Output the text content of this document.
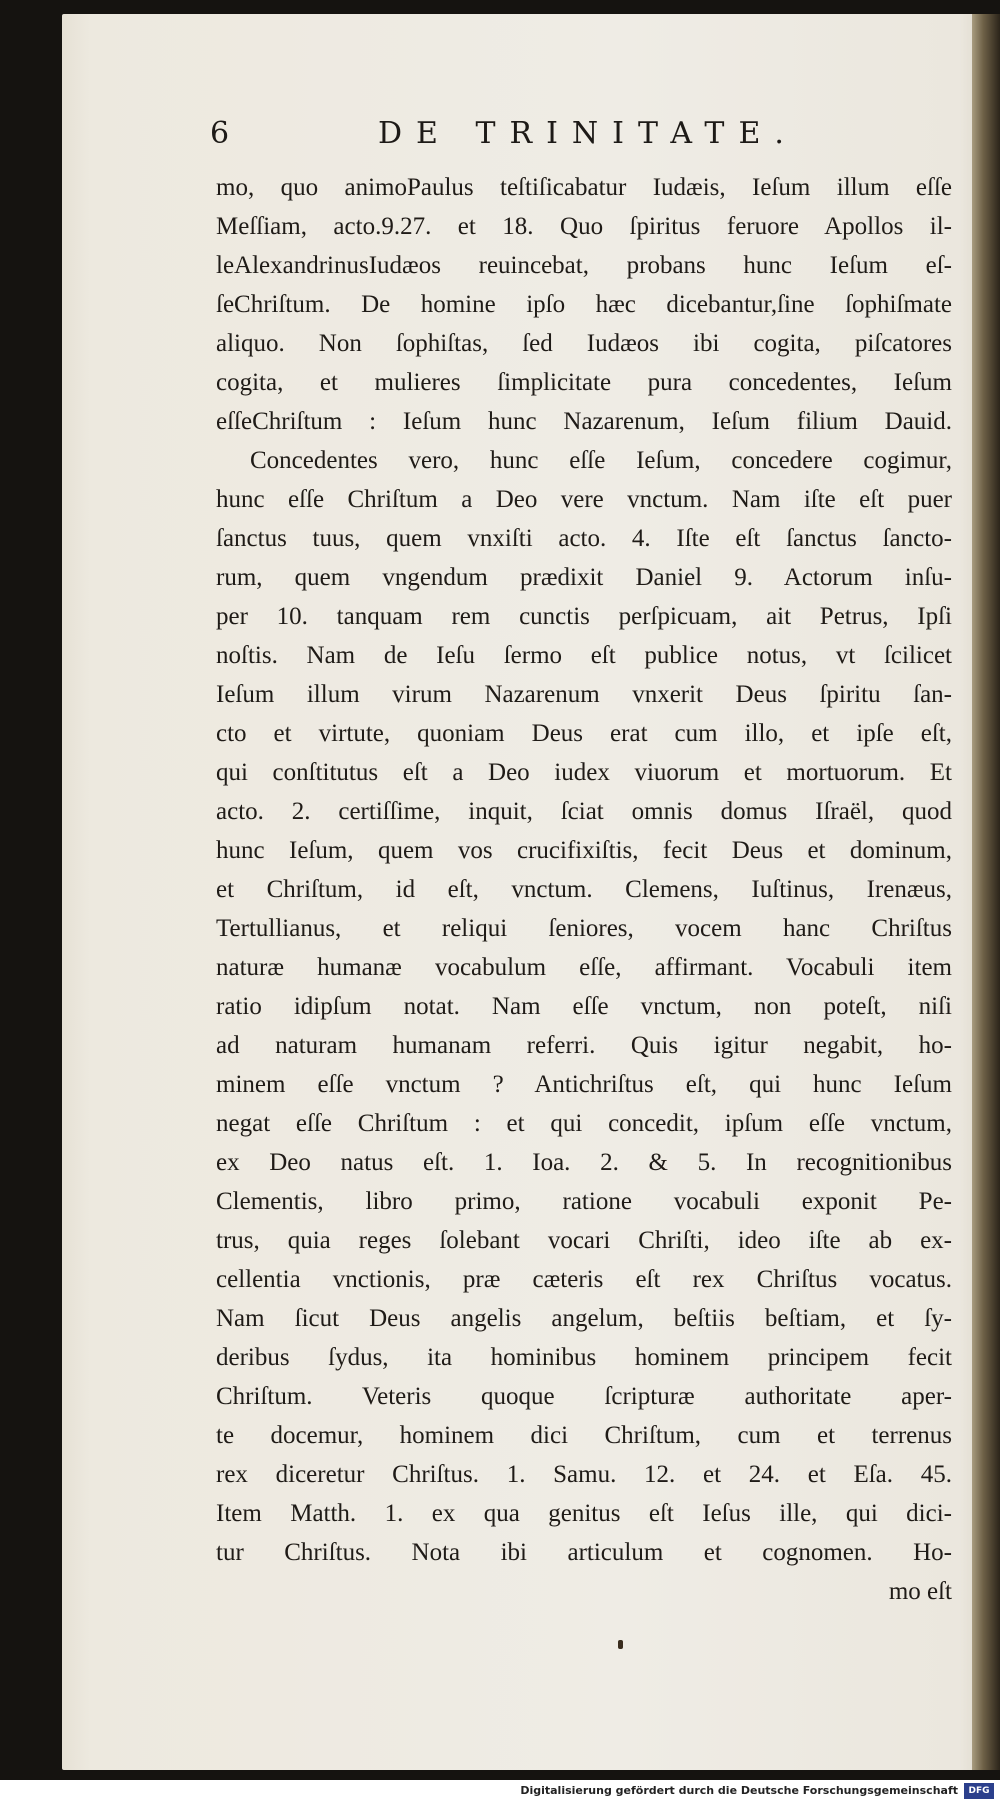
6	DE TRINITATE.
mo, quo animoPaulus teſtiſicabatur Iudæis, Ieſum illum eſſe
Meſſiam, acto.9.27. et 18. Quo ſpiritus feruore Apollos il-
leAlexandrinusIudæos reuincebat, probans hunc Ieſum eſ-
ſeChriſtum. De homine ipſo hæc dicebantur,ſine ſophiſmate
aliquo. Non ſophiſtas, ſed Iudæos ibi cogita, piſcatores
cogita, et mulieres ſimplicitate pura concedentes, Ieſum
eſſeChriſtum : Ieſum hunc Nazarenum, Ieſum filium Dauid.
Concedentes vero, hunc eſſe Ieſum, concedere cogimur,
hunc eſſe Chriſtum a Deo vere vnctum. Nam iſte eſt puer
ſanctus tuus, quem vnxiſti acto. 4. Iſte eſt ſanctus ſancto-
rum, quem vngendum prædixit Daniel 9. Actorum inſu-
per 10. tanquam rem cunctis perſpicuam, ait Petrus, Ipſi
noſtis. Nam de Ieſu ſermo eſt publice notus, vt ſcilicet
Ieſum illum virum Nazarenum vnxerit Deus ſpiritu ſan-
cto et virtute, quoniam Deus erat cum illo, et ipſe eſt,
qui conſtitutus eſt a Deo iudex viuorum et mortuorum. Et
acto. 2. certiſſime, inquit, ſciat omnis domus Iſraël, quod
hunc Ieſum, quem vos crucifixiſtis, fecit Deus et dominum,
et Chriſtum, id eſt, vnctum. Clemens, Iuſtinus, Irenæus,
Tertullianus, et reliqui ſeniores, vocem hanc Chriſtus
naturæ humanæ vocabulum eſſe, affirmant. Vocabuli item
ratio idipſum notat. Nam eſſe vnctum, non poteſt, niſi
ad naturam humanam referri. Quis igitur negabit, ho-
minem eſſe vnctum ? Antichriſtus eſt, qui hunc Ieſum
negat eſſe Chriſtum : et qui concedit, ipſum eſſe vnctum,
ex Deo natus eſt. 1. Ioa. 2. & 5. In recognitionibus
Clementis, libro primo, ratione vocabuli exponit Pe-
trus, quia reges ſolebant vocari Chriſti, ideo iſte ab ex-
cellentia vnctionis, præ cæteris eſt rex Chriſtus vocatus.
Nam ſicut Deus angelis angelum, beſtiis beſtiam, et ſy-
deribus ſydus, ita hominibus hominem principem fecit
Chriſtum. Veteris quoque ſcripturæ authoritate aper-
te docemur, hominem dici Chriſtum, cum et terrenus
rex diceretur Chriſtus. 1. Samu. 12. et 24. et Eſa. 45.
Item Matth. 1. ex qua genitus eſt Ieſus ille, qui dici-
tur Chriſtus. Nota ibi articulum et cognomen. Ho-
mo eſt
Digitalisierung gefördert durch die Deutsche Forschungsgemeinschaft	DFG
